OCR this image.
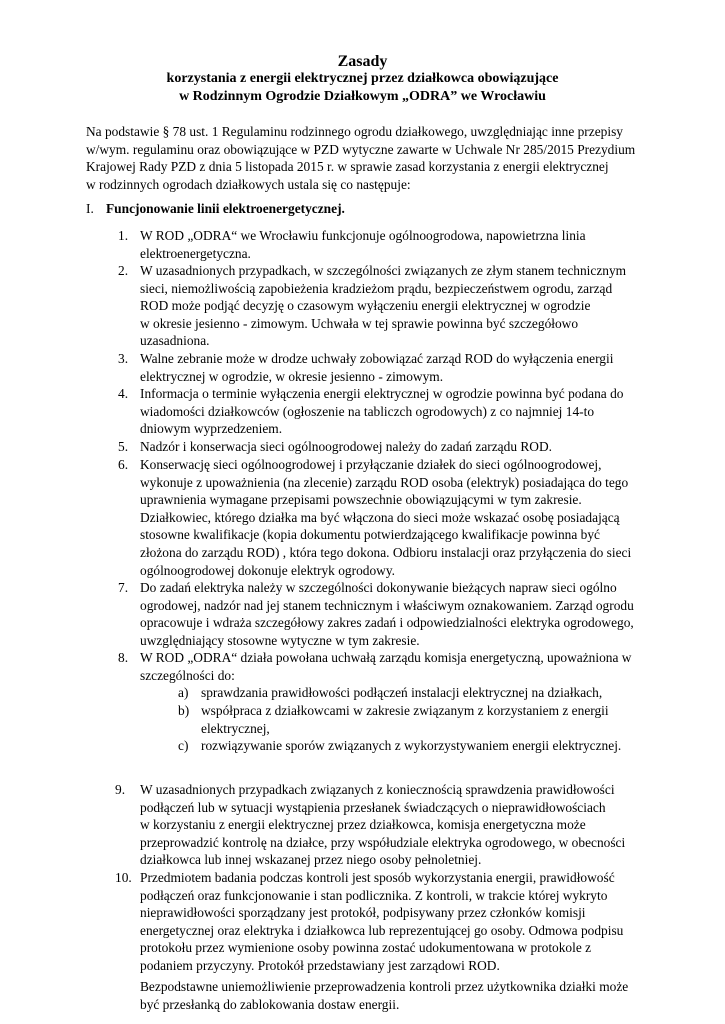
Zasady
korzystania z energii elektrycznej przez działkowca obowiązujące
w Rodzinnym Ogrodzie Działkowym „ODRA” we Wrocławiu
Na podstawie § 78 ust. 1 Regulaminu rodzinnego ogrodu działkowego, uwzględniając inne przepisy
w/wym. regulaminu oraz obowiązujące w PZD wytyczne zawarte w Uchwale Nr 285/2015 Prezydium
Krajowej Rady PZD z dnia 5 listopada 2015 r. w sprawie zasad korzystania z energii elektrycznej
w rodzinnych ogrodach działkowych ustala się co następuje:
I. Funcjonowanie linii elektroenergetycznej.
1. W ROD „ODRA“ we Wrocławiu funkcjonuje ogólnoogrodowa, napowietrzna linia
elektroenergetyczna.
2. W uzasadnionych przypadkach, w szczególności związanych ze złym stanem technicznym
sieci, niemożliwością zapobieżenia kradzieżom prądu, bezpieczeństwem ogrodu, zarząd
ROD może podjąć decyzję o czasowym wyłączeniu energii elektrycznej w ogrodzie
w okresie jesienno - zimowym. Uchwała w tej sprawie powinna być szczegółowo
uzasadniona.
3. Walne zebranie może w drodze uchwały zobowiązać zarząd ROD do wyłączenia energii
elektrycznej w ogrodzie, w okresie jesienno - zimowym.
4. Informacja o terminie wyłączenia energii elektrycznej w ogrodzie powinna być podana do
wiadomości działkowców (ogłoszenie na tabliczch ogrodowych) z co najmniej 14-to
dniowym wyprzedzeniem.
5. Nadzór i konserwacja sieci ogólnoogrodowej należy do zadań zarządu ROD.
6. Konserwację sieci ogólnoogrodowej i przyłączanie działek do sieci ogólnoogrodowej,
wykonuje z upoważnienia (na zlecenie) zarządu ROD osoba (elektryk) posiadająca do tego
uprawnienia wymagane przepisami powszechnie obowiązującymi w tym zakresie.
Działkowiec, którego działka ma być włączona do sieci może wskazać osobę posiadającą
stosowne kwalifikacje (kopia dokumentu potwierdzającego kwalifikacje powinna być
złożona do zarządu ROD) , która tego dokona. Odbioru instalacji oraz przyłączenia do sieci
ogólnoogrodowej dokonuje elektryk ogrodowy.
7. Do zadań elektryka należy w szczególności dokonywanie bieżących napraw sieci ogólno
ogrodowej, nadzór nad jej stanem technicznym i właściwym oznakowaniem. Zarząd ogrodu
opracowuje i wdraża szczegółowy zakres zadań i odpowiedzialności elektryka ogrodowego,
uwzględniający stosowne wytyczne w tym zakresie.
8. W ROD „ODRA“ działa powołana uchwałą zarządu komisja energetyczną, upoważniona w
szczególności do:
a) sprawdzania prawidłowości podłączeń instalacji elektrycznej na działkach,
b) współpraca z działkowcami w zakresie związanym z korzystaniem z energii
elektrycznej,
c) rozwiązywanie sporów związanych z wykorzystywaniem energii elektrycznej.
9. W uzasadnionych przypadkach związanych z koniecznością sprawdzenia prawidłowości
podłączeń lub w sytuacji wystąpienia przesłanek świadczących o nieprawidłowościach
w korzystaniu z energii elektrycznej przez działkowca, komisja energetyczna może
przeprowadzić kontrolę na działce, przy współudziale elektryka ogrodowego, w obecności
działkowca lub innej wskazanej przez niego osoby pełnoletniej.
10. Przedmiotem badania podczas kontroli jest sposób wykorzystania energii, prawidłowość
podłączeń oraz funkcjonowanie i stan podlicznika. Z kontroli, w trakcie której wykryto
nieprawidłowości sporządzany jest protokół, podpisywany przez członków komisji
energetycznej oraz elektryka i działkowca lub reprezentującej go osoby. Odmowa podpisu
protokołu przez wymienione osoby powinna zostać udokumentowana w protokole z
podaniem przyczyny. Protokół przedstawiany jest zarządowi ROD.
Bezpodstawne uniemożliwienie przeprowadzenia kontroli przez użytkownika działki może
być przesłanką do zablokowania dostaw energii.
